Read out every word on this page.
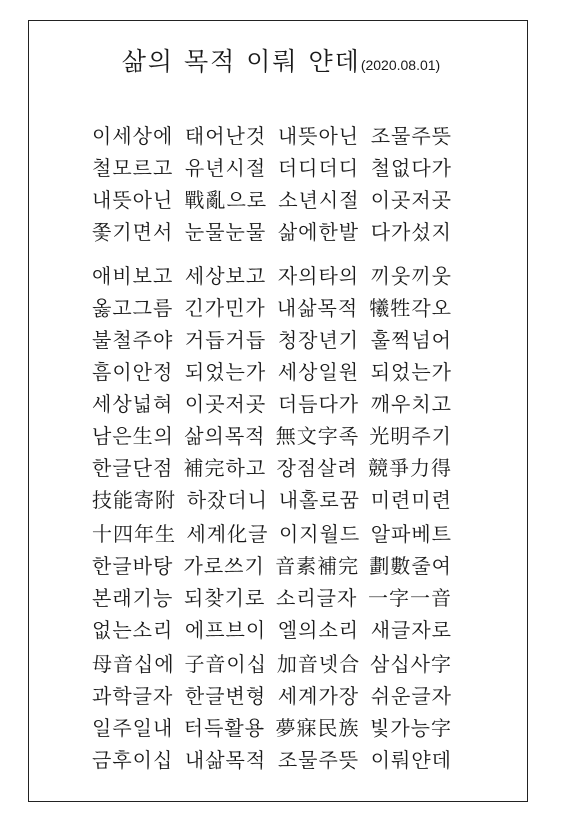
삶의 목적 이뤄 얀데(2020.08.01)
이세상에 태어난것 내뜻아닌 조물주뜻
철모르고 유년시절 더디더디 철없다가
내뜻아닌 戰亂으로 소년시절 이곳저곳
쫓기면서 눈물눈물 삶에한발 다가섰지
애비보고 세상보고 자의타의 끼웃끼웃
옳고그름 긴가민가 내삶목적 犧牲각오
불철주야 거듭거듭 청장년기 훌쩍넘어
흠이안정 되었는가 세상일원 되었는가
세상넓혀 이곳저곳 더듬다가 깨우치고
남은生의 삶의목적 無文字족 光明주기
한글단점 補完하고 장점살려 競爭力得
技能寄附 하잤더니 내홀로꿈 미련미련
十四年生 세계化글 이지월드 알파베트
한글바탕 가로쓰기 音素補完 劃數줄여
본래기능 되찾기로 소리글자 一字一音
없는소리 에프브이 엘의소리 새글자로
母音십에 子音이십 加音넷合 삼십사字
과학글자 한글변형 세계가장 쉬운글자
일주일내 터득활용 夢寐民族 빛가능字
금후이십 내삶목적 조물주뜻 이뤄얀데
